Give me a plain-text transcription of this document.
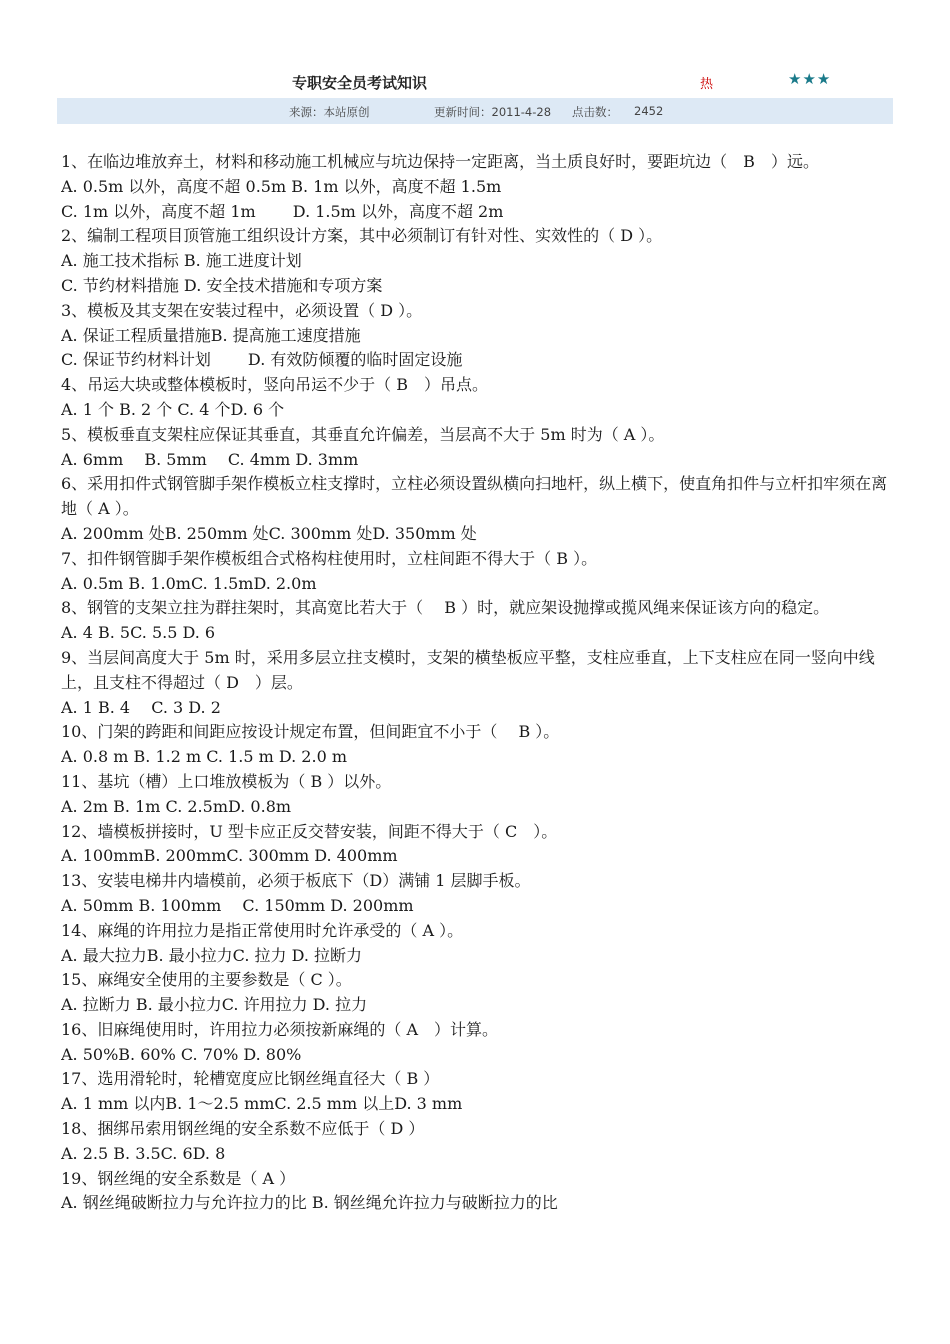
专职安全员考试知识	热	★★★
来源：本站原创	更新时间：2011-4-28 点击数： 2452
1、在临边堆放弃土，材料和移动施工机械应与坑边保持一定距离，当土质良好时，要距坑边（　B　）远。
A. 0.5m 以外，高度不超 0.5m B. 1m 以外，高度不超 1.5m
C. 1m 以外，高度不超 1m　　 D. 1.5m 以外，高度不超 2m
2、编制工程项目顶管施工组织设计方案，其中必须制订有针对性、实效性的（ D ）。
A. 施工技术指标 B. 施工进度计划
C. 节约材料措施 D. 安全技术措施和专项方案
3、模板及其支架在安装过程中，必须设置（ D ）。
A. 保证工程质量措施B. 提高施工速度措施
C. 保证节约材料计划　　 D. 有效防倾覆的临时固定设施
4、吊运大块或整体模板时，竖向吊运不少于（ B　）吊点。
A. 1 个 B. 2 个 C. 4 个D. 6 个
5、模板垂直支架柱应保证其垂直，其垂直允许偏差，当层高不大于 5m 时为（ A ）。
A. 6mm　 B. 5mm　 C. 4mm D. 3mm
6、采用扣件式钢管脚手架作模板立柱支撑时，立柱必须设置纵横向扫地杆，纵上横下，使直角扣件与立杆扣牢须在离地（ A ）。
A. 200mm 处B. 250mm 处C. 300mm 处D. 350mm 处
7、扣件钢管脚手架作模板组合式格构柱使用时，立柱间距不得大于（ B ）。
A. 0.5m B. 1.0mC. 1.5mD. 2.0m
8、钢管的支架立拄为群拄架时，其高宽比若大于（　 B ）时，就应架设抛撑或揽风绳来保证该方向的稳定。
A. 4 B. 5C. 5.5 D. 6
9、当层间高度大于 5m 时，采用多层立拄支模时，支架的横垫板应平整，支柱应垂直，上下支柱应在同一竖向中线上，且支柱不得超过（ D　）层。
A. 1 B. 4　 C. 3 D. 2
10、门架的跨距和间距应按设计规定布置，但间距宜不小于（　 B ）。
A. 0.8 m B. 1.2 m C. 1.5 m D. 2.0 m
11、基坑（槽）上口堆放模板为（ B ）以外。
A. 2m B. 1m C. 2.5mD. 0.8m
12、墙模板拼接时，U 型卡应正反交替安装，间距不得大于（ C　）。
A. 100mmB. 200mmC. 300mm D. 400mm
13、安装电梯井内墙模前，必须于板底下（D）满铺 1 层脚手板。
A. 50mm B. 100mm　 C. 150mm D. 200mm
14、麻绳的许用拉力是指正常使用时允许承受的（ A ）。
A. 最大拉力B. 最小拉力C. 拉力 D. 拉断力
15、麻绳安全使用的主要参数是（ C ）。
A. 拉断力 B. 最小拉力C. 许用拉力 D. 拉力
16、旧麻绳使用时，许用拉力必须按新麻绳的（ A　）计算。
A. 50%B. 60% C. 70% D. 80%
17、选用滑轮时，轮槽宽度应比钢丝绳直径大（ B ）
A. 1 mm 以内B. 1～2.5 mmC. 2.5 mm 以上D. 3 mm
18、捆绑吊索用钢丝绳的安全系数不应低于（ D ）
A. 2.5 B. 3.5C. 6D. 8
19、钢丝绳的安全系数是（ A ）
A. 钢丝绳破断拉力与允许拉力的比 B. 钢丝绳允许拉力与破断拉力的比
